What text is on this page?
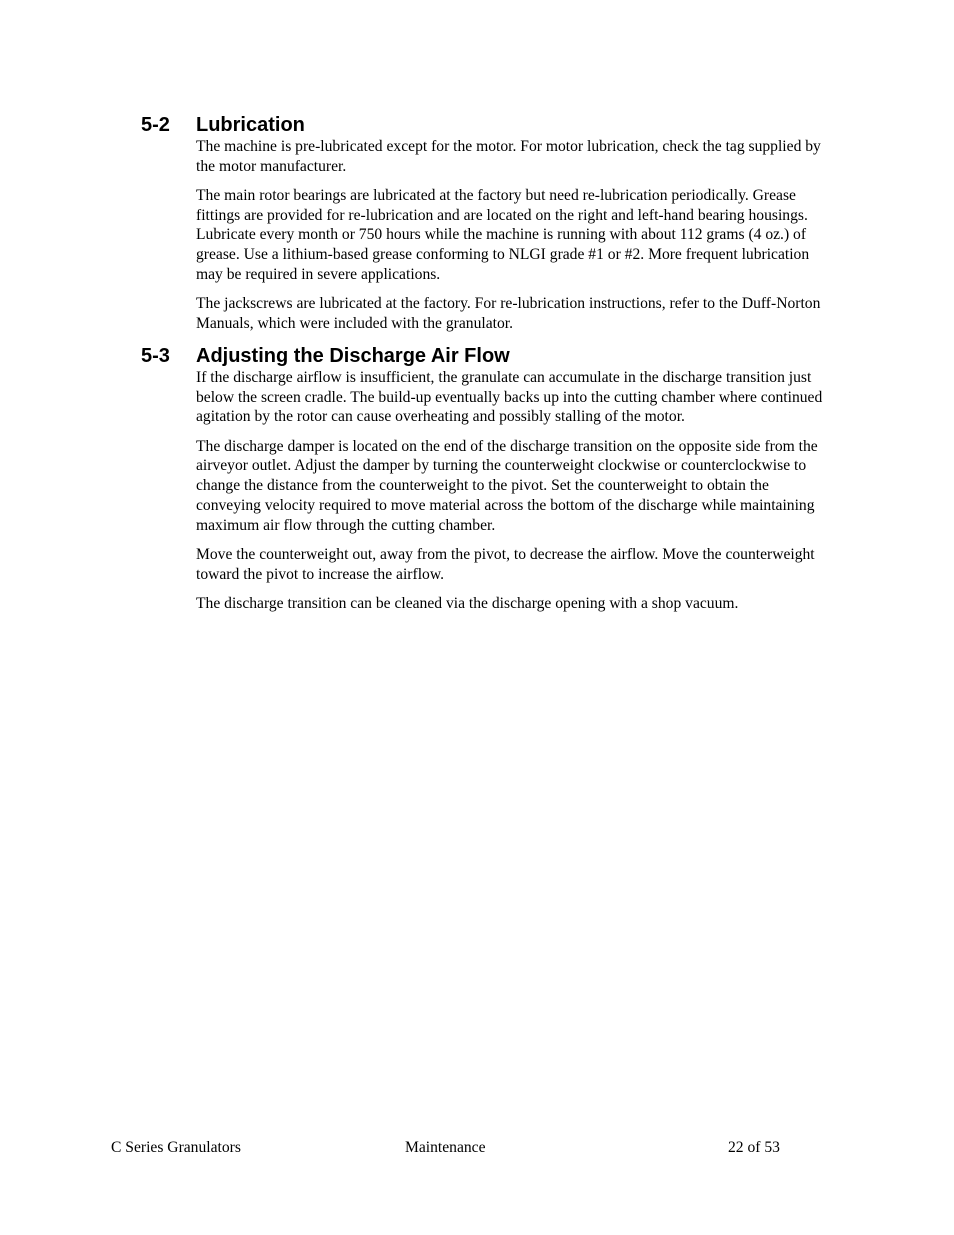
5-2 Lubrication

The machine is pre-lubricated except for the motor. For motor lubrication, check the tag supplied by the motor manufacturer.

The main rotor bearings are lubricated at the factory but need re-lubrication periodically. Grease fittings are provided for re-lubrication and are located on the right and left-hand bearing housings. Lubricate every month or 750 hours while the machine is running with about 112 grams (4 oz.) of grease. Use a lithium-based grease conforming to NLGI grade #1 or #2. More frequent lubrication may be required in severe applications.

The jackscrews are lubricated at the factory. For re-lubrication instructions, refer to the Duff-Norton Manuals, which were included with the granulator.

5-3 Adjusting the Discharge Air Flow

If the discharge airflow is insufficient, the granulate can accumulate in the discharge transition just below the screen cradle. The build-up eventually backs up into the cutting chamber where continued agitation by the rotor can cause overheating and possibly stalling of the motor.

The discharge damper is located on the end of the discharge transition on the opposite side from the airveyor outlet. Adjust the damper by turning the counterweight clockwise or counterclockwise to change the distance from the counterweight to the pivot. Set the counterweight to obtain the conveying velocity required to move material across the bottom of the discharge while maintaining maximum air flow through the cutting chamber.

Move the counterweight out, away from the pivot, to decrease the airflow. Move the counterweight toward the pivot to increase the airflow.

The discharge transition can be cleaned via the discharge opening with a shop vacuum.

C Series Granulators	Maintenance	22 of 53
